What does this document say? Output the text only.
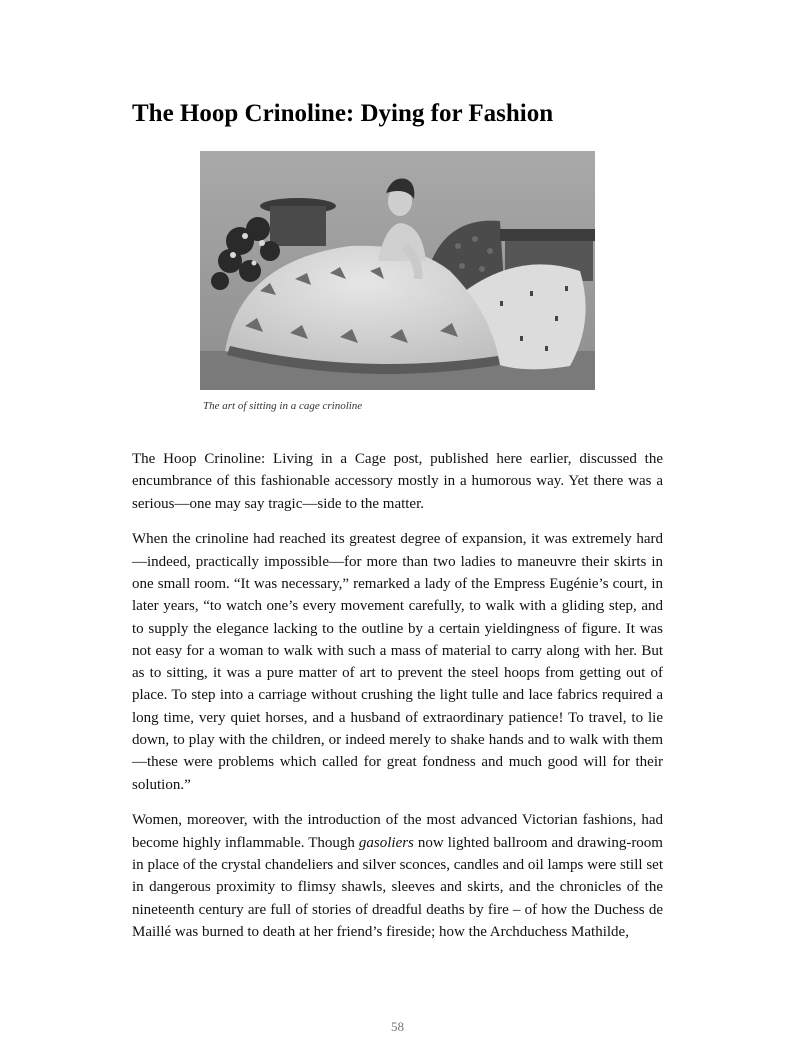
The Hoop Crinoline: Dying for Fashion
The art of sitting in a cage crinoline

The Hoop Crinoline: Living in a Cage post, published here earlier, discussed the encumbrance of this fashionable accessory mostly in a humorous way. Yet there was a serious—one may say tragic—side to the matter.

When the crinoline had reached its greatest degree of expansion, it was extremely hard—indeed, practically impossible—for more than two ladies to maneuvre their skirts in one small room. “It was necessary,” remarked a lady of the Empress Eugénie’s court, in later years, “to watch one’s every movement carefully, to walk with a gliding step, and to supply the elegance lacking to the outline by a certain yieldingness of figure. It was not easy for a woman to walk with such a mass of material to carry along with her. But as to sitting, it was a pure matter of art to prevent the steel hoops from getting out of place. To step into a carriage without crushing the light tulle and lace fabrics required a long time, very quiet horses, and a husband of extraordinary patience! To travel, to lie down, to play with the children, or indeed merely to shake hands and to walk with them—these were problems which called for great fondness and much good will for their solution.”

Women, moreover, with the introduction of the most advanced Victorian fashions, had become highly inflammable. Though gasoliers now lighted ballroom and drawing-room in place of the crystal chandeliers and silver sconces, candles and oil lamps were still set in dangerous proximity to flimsy shawls, sleeves and skirts, and the chronicles of the nineteenth century are full of stories of dreadful deaths by fire – of how the Duchess de Maillé was burned to death at her friend’s fireside; how the Archduchess Mathilde,

58
